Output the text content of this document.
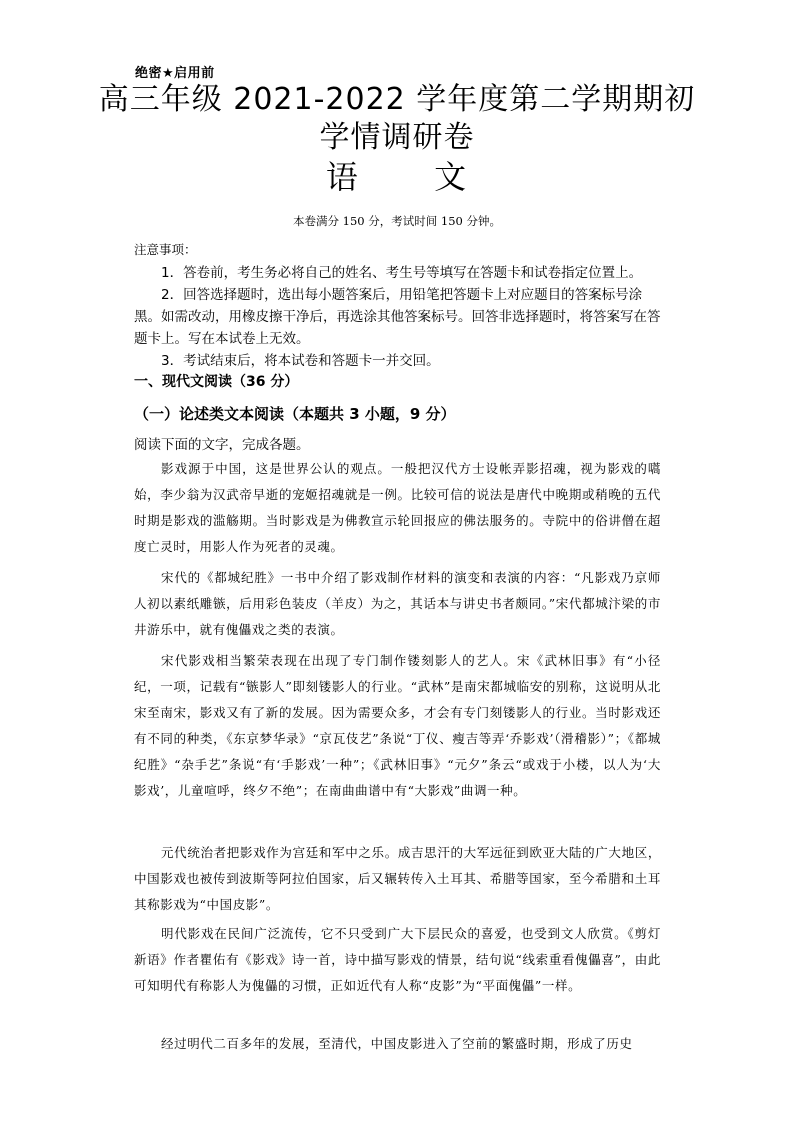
绝密★启用前
高三年级 2021-2022 学年度第二学期期初
学情调研卷
语 文
本卷满分 150 分，考试时间 150 分钟。
注意事项：
1．答卷前，考生务必将自己的姓名、考生号等填写在答题卡和试卷指定位置上。
2．回答选择题时，选出每小题答案后，用铅笔把答题卡上对应题目的答案标号涂黑。如需改动，用橡皮擦干净后，再选涂其他答案标号。回答非选择题时，将答案写在答题卡上。写在本试卷上无效。
3．考试结束后，将本试卷和答题卡一并交回。
一、现代文阅读（36 分）
（一）论述类文本阅读（本题共 3 小题，9 分）
阅读下面的文字，完成各题。
影戏源于中国，这是世界公认的观点。一般把汉代方士设帐弄影招魂，视为影戏的嚆始，李少翁为汉武帝早逝的宠姬招魂就是一例。比较可信的说法是唐代中晚期或稍晚的五代时期是影戏的滥觞期。当时影戏是为佛教宣示轮回报应的佛法服务的。寺院中的俗讲僧在超度亡灵时，用影人作为死者的灵魂。
宋代的《都城纪胜》一书中介绍了影戏制作材料的演变和表演的内容：“凡影戏乃京师人初以素纸雕镞，后用彩色装皮（羊皮）为之，其话本与讲史书者颇同。”宋代都城汴梁的市井游乐中，就有傀儡戏之类的表演。
宋代影戏相当繁荣表现在出现了专门制作镂刻影人的艺人。宋《武林旧事》有“小径纪，一项，记载有“镞影人”即刻镂影人的行业。“武林”是南宋都城临安的别称，这说明从北宋至南宋，影戏又有了新的发展。因为需要众多，才会有专门刻镂影人的行业。当时影戏还有不同的种类，《东京梦华录》“京瓦伎艺”条说“丁仪、瘦吉等弄‘乔影戏’（滑稽影）”；《都城纪胜》“杂手艺”条说“有‘手影戏’一种”；《武林旧事》“元夕”条云“或戏于小楼，以人为‘大影戏’，儿童喧呼，终夕不绝”；在南曲曲谱中有“大影戏”曲调一种。
元代统治者把影戏作为宫廷和军中之乐。成吉思汗的大军远征到欧亚大陆的广大地区，中国影戏也被传到波斯等阿拉伯国家，后又辗转传入土耳其、希腊等国家，至今希腊和土耳其称影戏为“中国皮影”。
明代影戏在民间广泛流传，它不只受到广大下层民众的喜爱，也受到文人欣赏。《剪灯新语》作者瞿佑有《影戏》诗一首，诗中描写影戏的情景，结句说“线索重看傀儡喜”，由此可知明代有称影人为傀儡的习惯，正如近代有人称“皮影”为“平面傀儡”一样。
经过明代二百多年的发展，至清代，中国皮影进入了空前的繁盛时期，形成了历史
